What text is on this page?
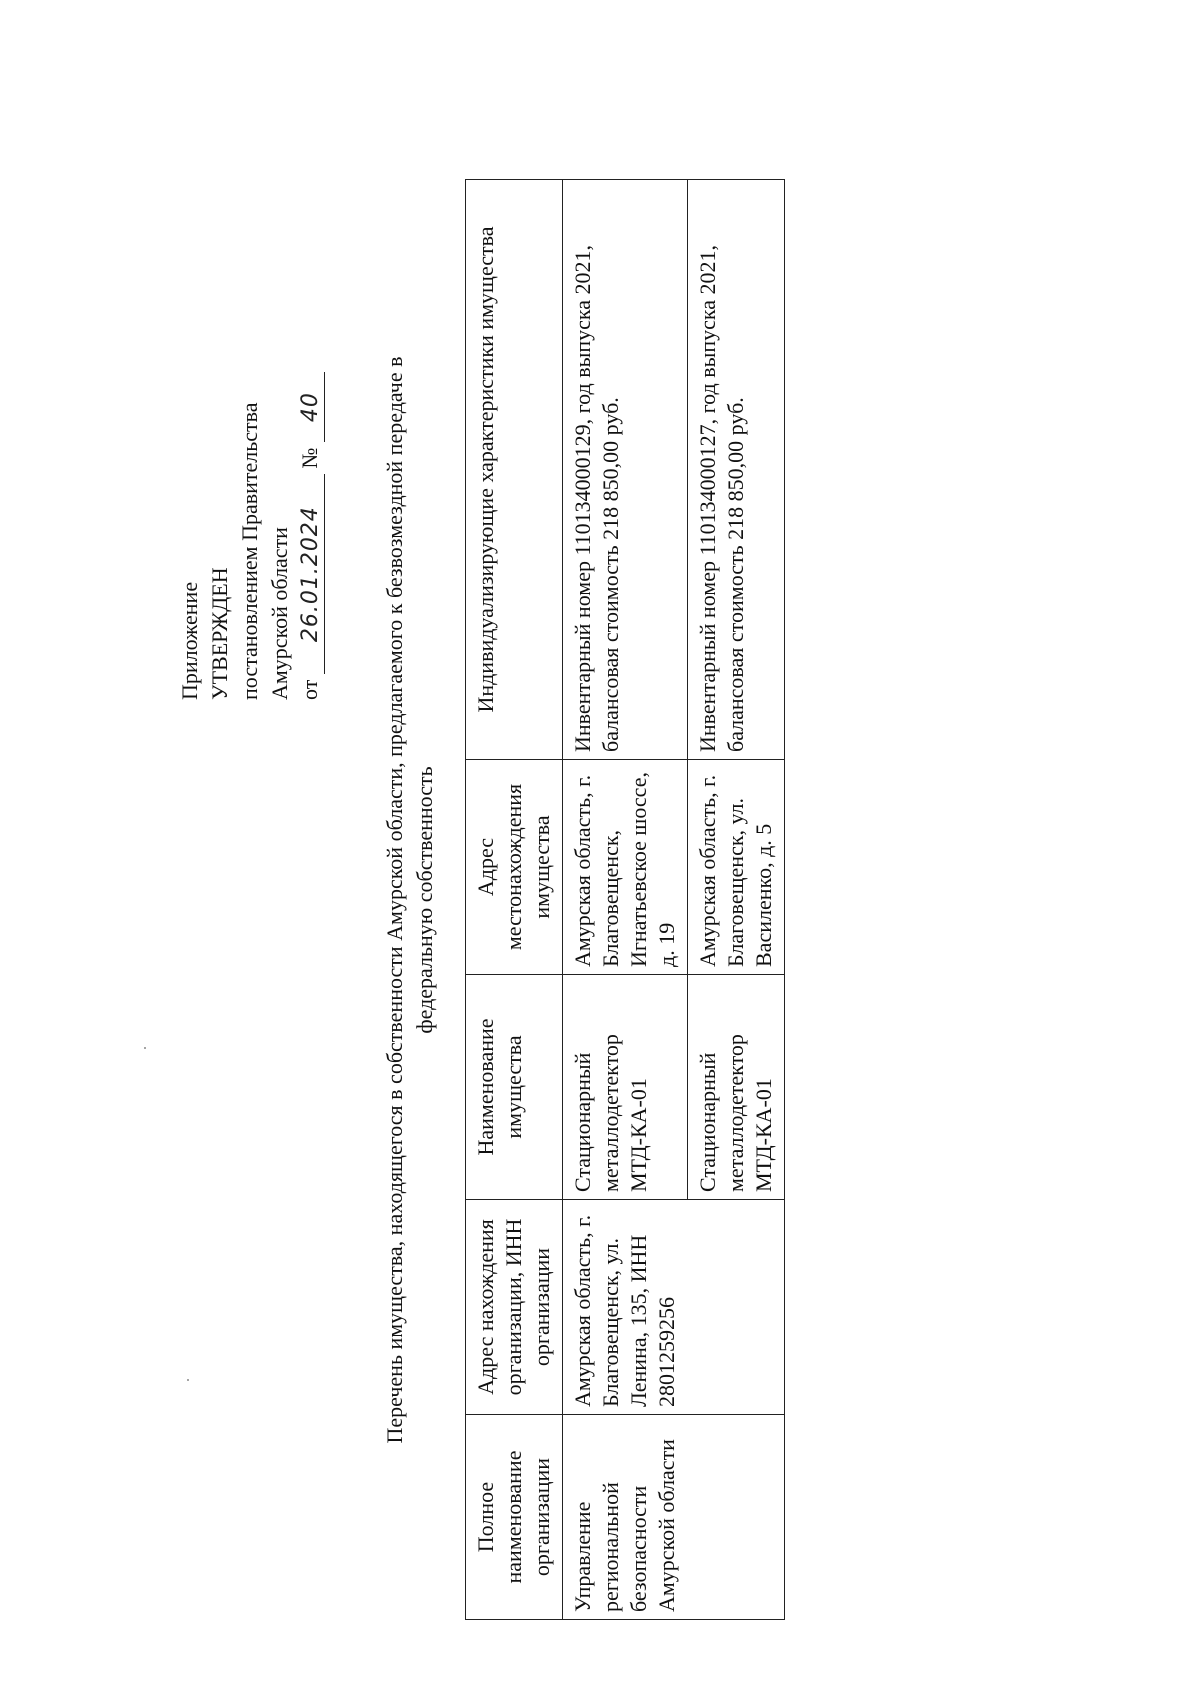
Приложение УТВЕРЖДЕН постановлением Правительства Амурской области от 26.01.2024 № 40	Перечень имущества, находящегося в собственности Амурской области, предлагаемого к безвозмездной передаче в федеральную собственность
Полное наименование организации	Адрес нахождения организации, ИНН организации	Наименование имущества	Адрес местонахождения имущества	Индивидуализирующие характеристики имущества
Управление региональной безопасности Амурской области	Амурская область, г. Благовещенск, ул. Ленина, 135, ИНН 2801259256	Стационарный металлодетектор МТД-КА-01	Амурская область, г. Благовещенск, Игнатьевское шоссе, д. 19	Инвентарный номер 110134000129, год выпуска 2021, балансовая стоимость 218 850,00 руб.
		Стационарный металлодетектор МТД-КА-01	Амурская область, г. Благовещенск, ул. Василенко, д. 5	Инвентарный номер 110134000127, год выпуска 2021, балансовая стоимость 218 850,00 руб.
